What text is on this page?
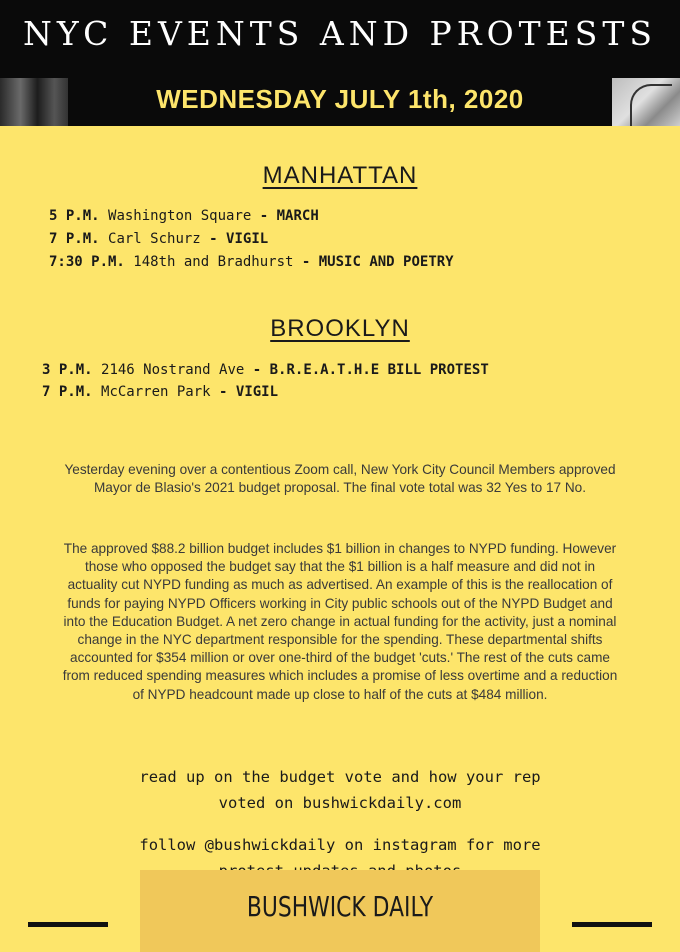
NYC EVENTS AND PROTESTS
WEDNESDAY JULY 1th, 2020
MANHATTAN
5 P.M. Washington Square - MARCH
7 P.M. Carl Schurz - VIGIL
7:30 P.M. 148th and Bradhurst - MUSIC AND POETRY
BROOKLYN
3 P.M. 2146 Nostrand Ave - B.R.E.A.T.H.E BILL PROTEST
7 P.M. McCarren Park - VIGIL
Yesterday evening over a contentious Zoom call, New York City Council Members approved Mayor de Blasio's 2021 budget proposal. The final vote total was 32 Yes to 17 No.
The approved $88.2 billion budget includes $1 billion in changes to NYPD funding. However those who opposed the budget say that the $1 billion is a half measure and did not in actuality cut NYPD funding as much as advertised. An example of this is the reallocation of funds for paying NYPD Officers working in City public schools out of the NYPD Budget and into the Education Budget. A net zero change in actual funding for the activity, just a nominal change in the NYC department responsible for the spending. These departmental shifts accounted for $354 million or over one-third of the budget 'cuts.' The rest of the cuts came from reduced spending measures which includes a promise of less overtime and a reduction of NYPD headcount made up close to half of the cuts at $484 million.
read up on the budget vote and how your rep
voted on bushwickdaily.com
follow @bushwickdaily on instagram for more
BUSHWICK DAILY
